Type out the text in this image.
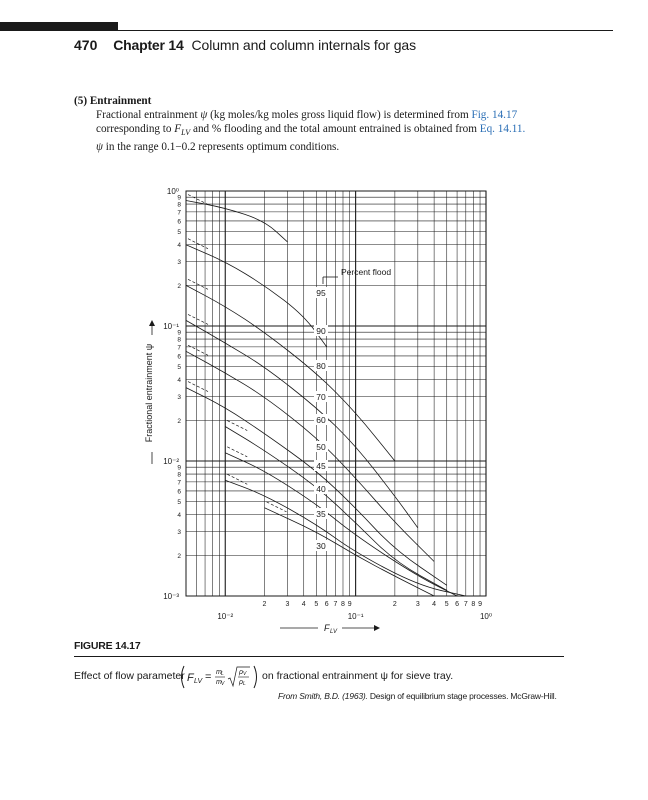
470 Chapter 14 Column and column internals for gas
(5) Entrainment
Fractional entrainment ψ (kg moles/kg moles gross liquid flow) is determined from Fig. 14.17
corresponding to $F_{LV}$ and % flooding and the total amount entrained is obtained from Eq. 14.11.
ψ in the range 0.1−0.2 represents optimum conditions.
2	3 4 5 6 7 8 9	2	3 4 5 6 7 8 9
10⁻²	10⁻¹	10⁰
10⁰
10⁻¹
10⁻²
10⁻³
9
8
7
6
5
4
3
2
9
8
7
6
5
4
3
2
9
8
7
6
5
4
3
2
Fractional entrainment ψ
F LV
Percent flood
95
90
80
70
60
50
45
40
35
30
FIGURE 14.17
Effect of flow parameter F LV = m L
m V
ρ V
ρ L
on fractional entrainment ψ for sieve tray.
From Smith, B.D. (1963). Design of equilibrium stage processes. McGraw-Hill.
